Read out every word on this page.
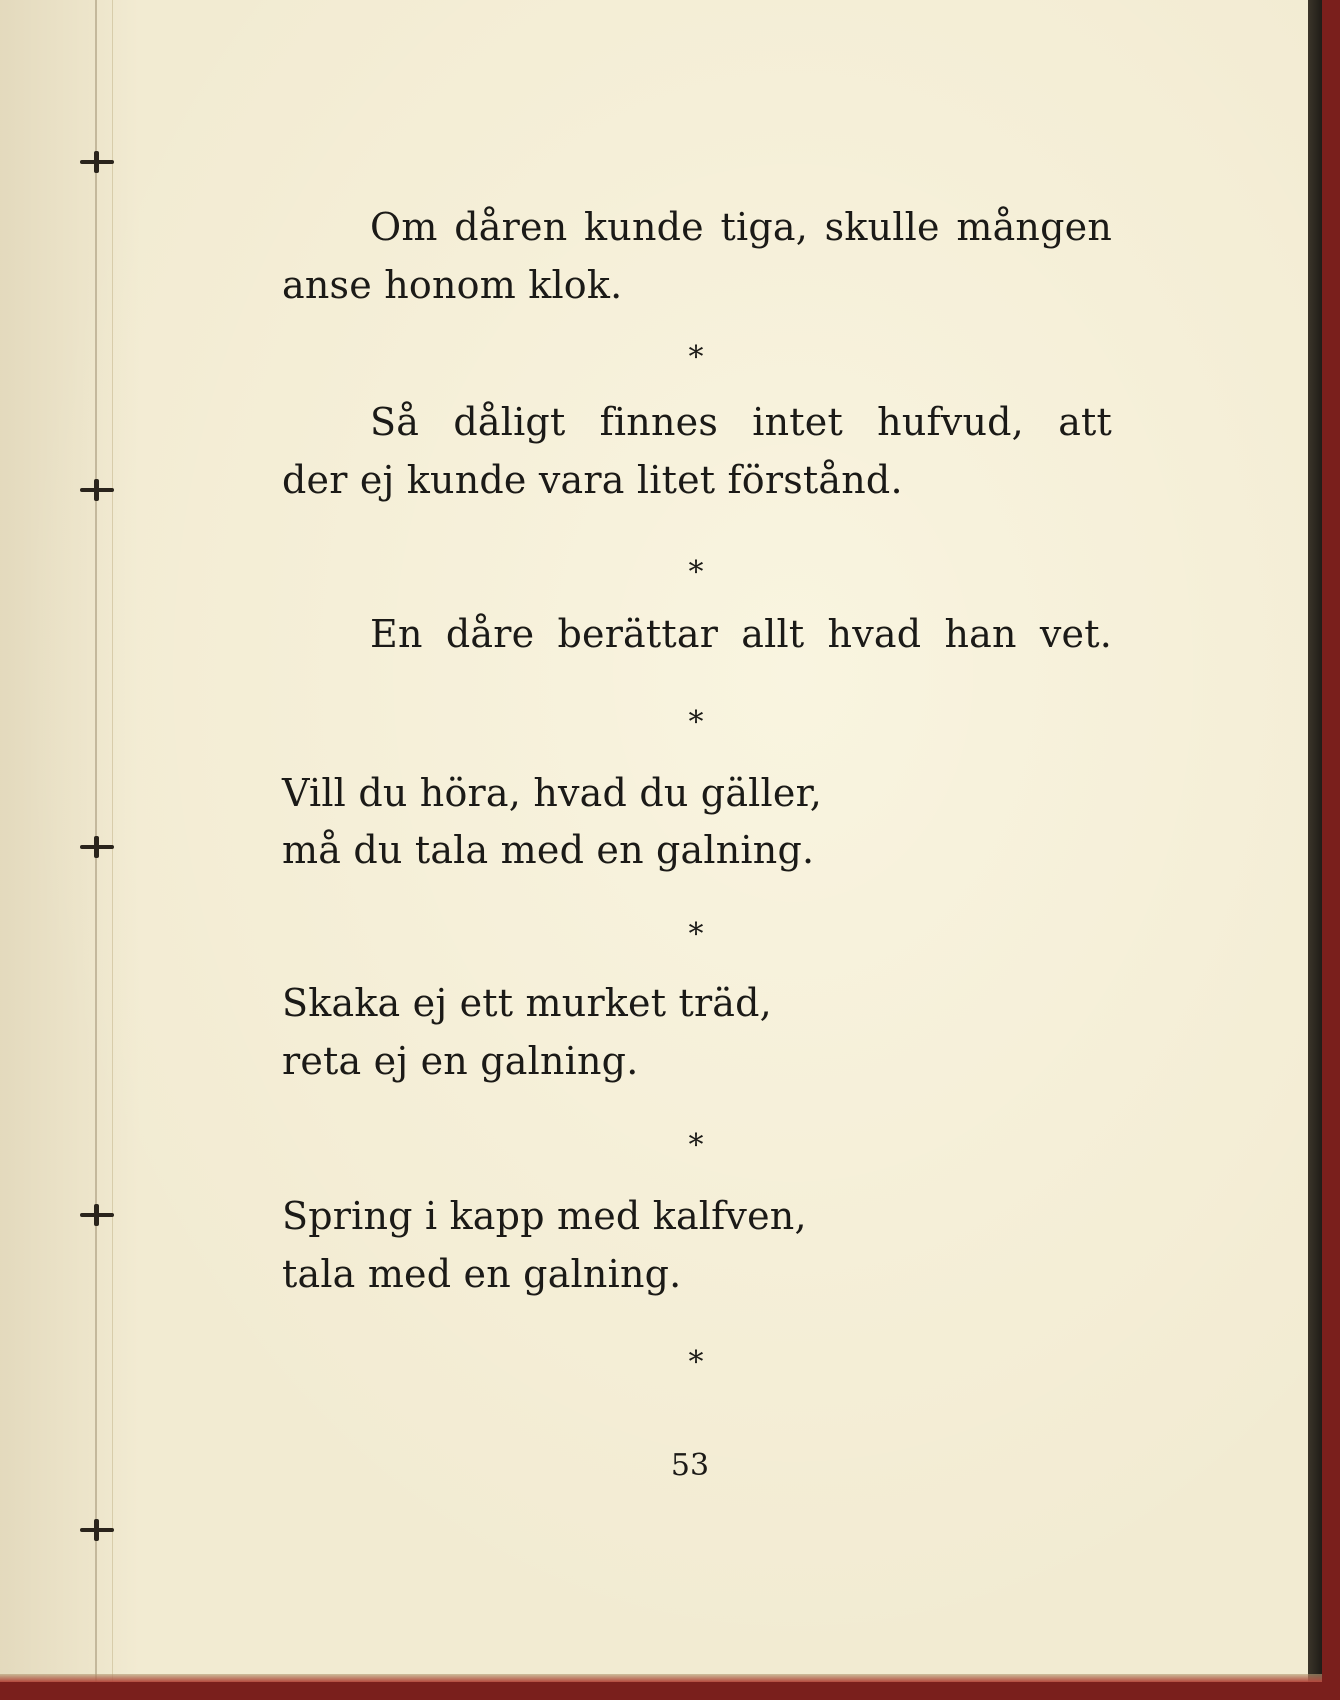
Om dåren kunde tiga, skulle mången
anse honom klok.
*
Så dåligt finnes intet hufvud, att
der ej kunde vara litet förstånd.
*
En dåre berättar allt hvad han vet.
*
Vill du höra, hvad du gäller,
må du tala med en galning.
*
Skaka ej ett murket träd,
reta ej en galning.
*
Spring i kapp med kalfven,
tala med en galning.
*
53
